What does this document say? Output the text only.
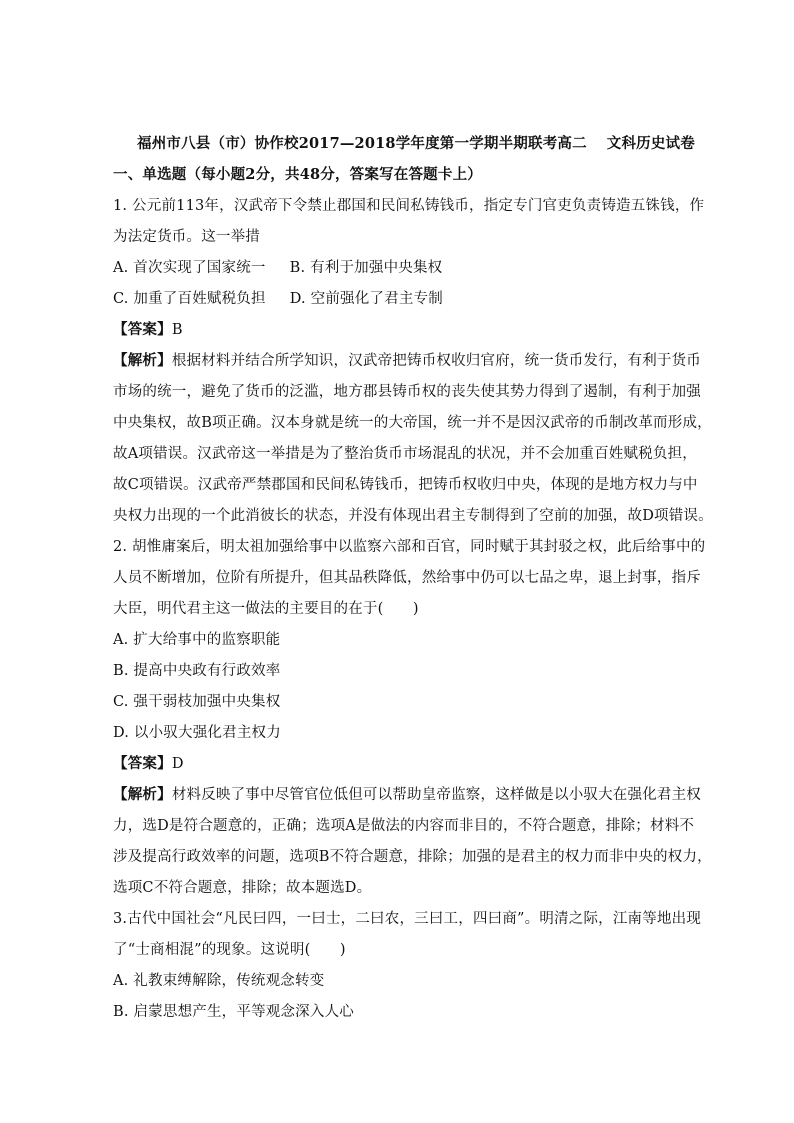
福州市八县（市）协作校2017—2018学年度第一学期半期联考高二　 文科历史试卷
一、单选题（每小题2分，共48分，答案写在答题卡上）
1. 公元前113年，汉武帝下令禁止郡国和民间私铸钱币，指定专门官吏负责铸造五铢钱，作
为法定货币。这一举措
A. 首次实现了国家统一 B. 有利于加强中央集权
C. 加重了百姓赋税负担 D. 空前强化了君主专制
【答案】B
【解析】根据材料并结合所学知识，汉武帝把铸币权收归官府，统一货币发行，有利于货币
市场的统一，避免了货币的泛滥，地方郡县铸币权的丧失使其势力得到了遏制，有利于加强
中央集权，故B项正确。汉本身就是统一的大帝国，统一并不是因汉武帝的币制改革而形成，
故A项错误。汉武帝这一举措是为了整治货币市场混乱的状况，并不会加重百姓赋税负担，
故C项错误。汉武帝严禁郡国和民间私铸钱币，把铸币权收归中央，体现的是地方权力与中
央权力出现的一个此消彼长的状态，并没有体现出君主专制得到了空前的加强，故D项错误。
2. 胡惟庸案后，明太祖加强给事中以监察六部和百官，同时赋于其封驳之权，此后给事中的
人员不断增加，位阶有所提升，但其品秩降低，然给事中仍可以七品之卑，退上封事，指斥
大臣，明代君主这一做法的主要目的在于(　　)
A. 扩大给事中的监察职能
B. 提高中央政有行政效率
C. 强干弱枝加强中央集权
D. 以小驭大强化君主权力
【答案】D
【解析】材料反映了事中尽管官位低但可以帮助皇帝监察，这样做是以小驭大在强化君主权
力，选D是符合题意的，正确；选项A是做法的内容而非目的，不符合题意，排除；材料不
涉及提高行政效率的问题，选项B不符合题意，排除；加强的是君主的权力而非中央的权力，
选项C不符合题意，排除；故本题选D。
3.古代中国社会“凡民曰四，一曰士，二曰农，三曰工，四曰商”。明清之际，江南等地出现
了“士商相混”的现象。这说明(　　)
A. 礼教束缚解除，传统观念转变
B. 启蒙思想产生，平等观念深入人心
